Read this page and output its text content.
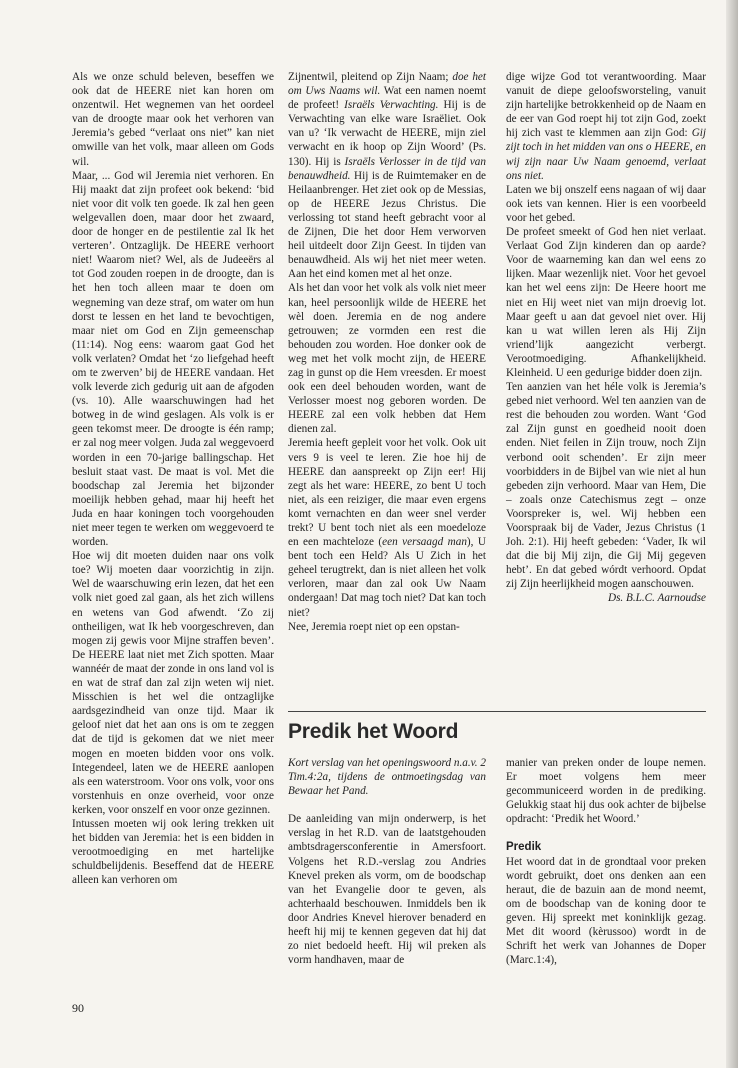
Als we onze schuld beleven, beseffen we ook dat de HEERE niet kan horen om onzentwil. Het wegnemen van het oordeel van de droogte maar ook het verhoren van Jeremia’s gebed “verlaat ons niet” kan niet omwille van het volk, maar alleen om Gods wil.

Maar, ... God wil Jeremia niet verhoren. En Hij maakt dat zijn profeet ook bekend: ‘bid niet voor dit volk ten goede. Ik zal hen geen welgevallen doen, maar door het zwaard, door de honger en de pestilentie zal Ik het verteren’. Ontzaglijk. De HEERE verhoort niet! Waarom niet? Wel, als de Judeeërs al tot God zouden roepen in de droogte, dan is het hen toch alleen maar te doen om wegneming van deze straf, om water om hun dorst te lessen en het land te bevochtigen, maar niet om God en Zijn gemeenschap (11:14). Nog eens: waarom gaat God het volk verlaten? Omdat het ‘zo liefgehad heeft om te zwerven’ bij de HEERE vandaan. Het volk leverde zich gedurig uit aan de afgoden (vs. 10). Alle waarschuwingen had het botweg in de wind geslagen. Als volk is er geen tekomst meer. De droogte is één ramp; er zal nog meer volgen. Juda zal weggevoerd worden in een 70-jarige ballingschap. Het besluit staat vast. De maat is vol. Met die boodschap zal Jeremia het bijzonder moeilijk hebben gehad, maar hij heeft het Juda en haar koningen toch voorgehouden niet meer tegen te werken om weggevoerd te worden.

Hoe wij dit moeten duiden naar ons volk toe? Wij moeten daar voorzichtig in zijn. Wel de waarschuwing erin lezen, dat het een volk niet goed zal gaan, als het zich willens en wetens van God afwendt. ‘Zo zij ontheiligen, wat Ik heb voorgeschreven, dan mogen zij gewis voor Mijne straffen beven’. De HEERE laat niet met Zich spotten. Maar wannéér de maat der zonde in ons land vol is en wat de straf dan zal zijn weten wij niet. Misschien is het wel die ontzaglijke aardsgezindheid van onze tijd. Maar ik geloof niet dat het aan ons is om te zeggen dat de tijd is gekomen dat we niet meer mogen en moeten bidden voor ons volk. Integendeel, laten we de HEERE aanlopen als een waterstroom. Voor ons volk, voor ons vorstenhuis en onze overheid, voor onze kerken, voor onszelf en voor onze gezinnen.

Intussen moeten wij ook lering trekken uit het bidden van Jeremia: het is een bidden in verootmoediging en met hartelijke schuldbelijdenis. Beseffend dat de HEERE alleen kan verhoren om

Zijnentwil, pleitend op Zijn Naam; doe het om Uws Naams wil. Wat een namen noemt de profeet! Israëls Verwachting. Hij is de Verwachting van elke ware Israëliet. Ook van u? ‘Ik verwacht de HEERE, mijn ziel verwacht en ik hoop op Zijn Woord’ (Ps. 130). Hij is Israëls Verlosser in de tijd van benauwdheid. Hij is de Ruimtemaker en de Heilaanbrenger. Het ziet ook op de Messias, op de HEERE Jezus Christus. Die verlossing tot stand heeft gebracht voor al de Zijnen, Die het door Hem verworven heil uitdeelt door Zijn Geest. In tijden van benauwdheid. Als wij het niet meer weten. Aan het eind komen met al het onze.

Als het dan voor het volk als volk niet meer kan, heel persoonlijk wilde de HEERE het wèl doen. Jeremia en de nog andere getrouwen; ze vormden een rest die behouden zou worden. Hoe donker ook de weg met het volk mocht zijn, de HEERE zag in gunst op die Hem vreesden. Er moest ook een deel behouden worden, want de Verlosser moest nog geboren worden. De HEERE zal een volk hebben dat Hem dienen zal.

Jeremia heeft gepleit voor het volk. Ook uit vers 9 is veel te leren. Zie hoe hij de HEERE dan aanspreekt op Zijn eer! Hij zegt als het ware: HEERE, zo bent U toch niet, als een reiziger, die maar even ergens komt vernachten en dan weer snel verder trekt? U bent toch niet als een moedeloze en een machteloze (een versaagd man), U bent toch een Held? Als U Zich in het geheel terugtrekt, dan is niet alleen het volk verloren, maar dan zal ook Uw Naam ondergaan! Dat mag toch niet? Dat kan toch niet?

Nee, Jeremia roept niet op een opstan-

dige wijze God tot verantwoording. Maar vanuit de diepe geloofsworsteling, vanuit zijn hartelijke betrokkenheid op de Naam en de eer van God roept hij tot zijn God, zoekt hij zich vast te klemmen aan zijn God: Gij zijt toch in het midden van ons o HEERE, en wij zijn naar Uw Naam genoemd, verlaat ons niet.

Laten we bij onszelf eens nagaan of wij daar ook iets van kennen. Hier is een voorbeeld voor het gebed.

De profeet smeekt of God hen niet verlaat. Verlaat God Zijn kinderen dan op aarde? Voor de waarneming kan dan wel eens zo lijken. Maar wezenlijk niet. Voor het gevoel kan het wel eens zijn: De Heere hoort me niet en Hij weet niet van mijn droevig lot. Maar geeft u aan dat gevoel niet over. Hij kan u wat willen leren als Hij Zijn vriend’lijk aangezicht verbergt. Verootmoediging. Afhankelijkheid. Kleinheid. U een gedurige bidder doen zijn.

Ten aanzien van het héle volk is Jeremia’s gebed niet verhoord. Wel ten aanzien van de rest die behouden zou worden. Want ‘God zal Zijn gunst en goedheid nooit doen enden. Niet feilen in Zijn trouw, noch Zijn verbond ooit schenden’. Er zijn meer voorbidders in de Bijbel van wie niet al hun gebeden zijn verhoord. Maar van Hem, Die – zoals onze Catechismus zegt – onze Voorspreker is, wel. Wij hebben een Voorspraak bij de Vader, Jezus Christus (1 Joh. 2:1). Hij heeft gebeden: ‘Vader, Ik wil dat die bij Mij zijn, die Gij Mij gegeven hebt’. En dat gebed wórdt verhoord. Opdat zij Zijn heerlijkheid mogen aanschouwen.

Ds. B.L.C. Aarnoudse

Predik het Woord

Kort verslag van het openingswoord n.a.v. 2 Tim.4:2a, tijdens de ontmoetingsdag van Bewaar het Pand.

De aanleiding van mijn onderwerp, is het verslag in het R.D. van de laatstgehouden ambtsdragersconferentie in Amersfoort. Volgens het R.D.-verslag zou Andries Knevel preken als vorm, om de boodschap van het Evangelie door te geven, als achterhaald beschouwen. Inmiddels ben ik door Andries Knevel hierover benaderd en heeft hij mij te kennen gegeven dat hij dat zo niet bedoeld heeft. Hij wil preken als vorm handhaven, maar de

manier van preken onder de loupe nemen. Er moet volgens hem meer gecommuniceerd worden in de prediking. Gelukkig staat hij dus ook achter de bijbelse opdracht: ‘Predik het Woord.’

Predik

Het woord dat in de grondtaal voor preken wordt gebruikt, doet ons denken aan een heraut, die de bazuin aan de mond neemt, om de boodschap van de koning door te geven. Hij spreekt met koninklijk gezag. Met dit woord (kèrussoo) wordt in de Schrift het werk van Johannes de Doper (Marc.1:4),

90
